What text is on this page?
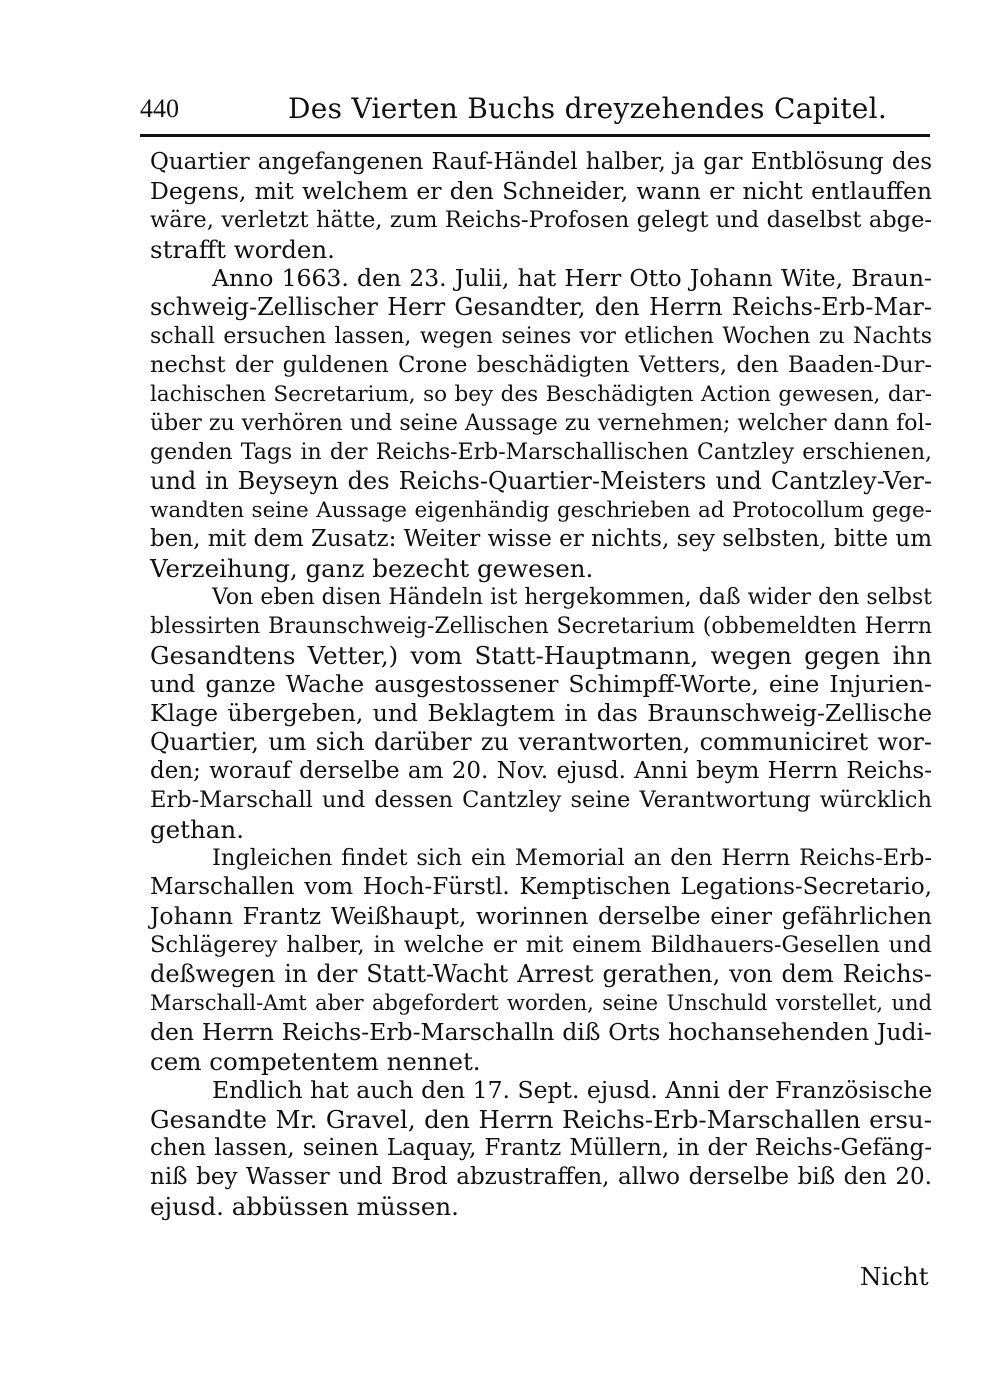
440	Des Vierten Buchs dreyzehendes Capitel.
Quartier angefangenen Rauf-Händel halber, ja gar Entblösung des
Degens, mit welchem er den Schneider, wann er nicht entlauffen
wäre, verletzt hätte, zum Reichs-Profosen gelegt und daselbst abge-
strafft worden.
Anno 1663. den 23. Julii, hat Herr Otto Johann Wite, Braun-
schweig-Zellischer Herr Gesandter, den Herrn Reichs-Erb-Mar-
schall ersuchen lassen, wegen seines vor etlichen Wochen zu Nachts
nechst der guldenen Crone beschädigten Vetters, den Baaden-Dur-
lachischen Secretarium, so bey des Beschädigten Action gewesen, dar-
über zu verhören und seine Aussage zu vernehmen; welcher dann fol-
genden Tags in der Reichs-Erb-Marschallischen Cantzley erschienen,
und in Beyseyn des Reichs-Quartier-Meisters und Cantzley-Ver-
wandten seine Aussage eigenhändig geschrieben ad Protocollum gege-
ben, mit dem Zusatz: Weiter wisse er nichts, sey selbsten, bitte um
Verzeihung, ganz bezecht gewesen.
Von eben disen Händeln ist hergekommen, daß wider den selbst
blessirten Braunschweig-Zellischen Secretarium (obbemeldten Herrn
Gesandtens Vetter,) vom Statt-Hauptmann, wegen gegen ihn
und ganze Wache ausgestossener Schimpff-Worte, eine Injurien-
Klage übergeben, und Beklagtem in das Braunschweig-Zellische
Quartier, um sich darüber zu verantworten, communiciret wor-
den; worauf derselbe am 20. Nov. ejusd. Anni beym Herrn Reichs-
Erb-Marschall und dessen Cantzley seine Verantwortung würcklich
gethan.
Ingleichen findet sich ein Memorial an den Herrn Reichs-Erb-
Marschallen vom Hoch-Fürstl. Kemptischen Legations-Secretario,
Johann Frantz Weißhaupt, worinnen derselbe einer gefährlichen
Schlägerey halber, in welche er mit einem Bildhauers-Gesellen und
deßwegen in der Statt-Wacht Arrest gerathen, von dem Reichs-
Marschall-Amt aber abgefordert worden, seine Unschuld vorstellet, und
den Herrn Reichs-Erb-Marschalln diß Orts hochansehenden Judi-
cem competentem nennet.
Endlich hat auch den 17. Sept. ejusd. Anni der Französische
Gesandte Mr. Gravel, den Herrn Reichs-Erb-Marschallen ersu-
chen lassen, seinen Laquay, Frantz Müllern, in der Reichs-Gefäng-
niß bey Wasser und Brod abzustraffen, allwo derselbe biß den 20.
ejusd. abbüssen müssen.
Nicht
